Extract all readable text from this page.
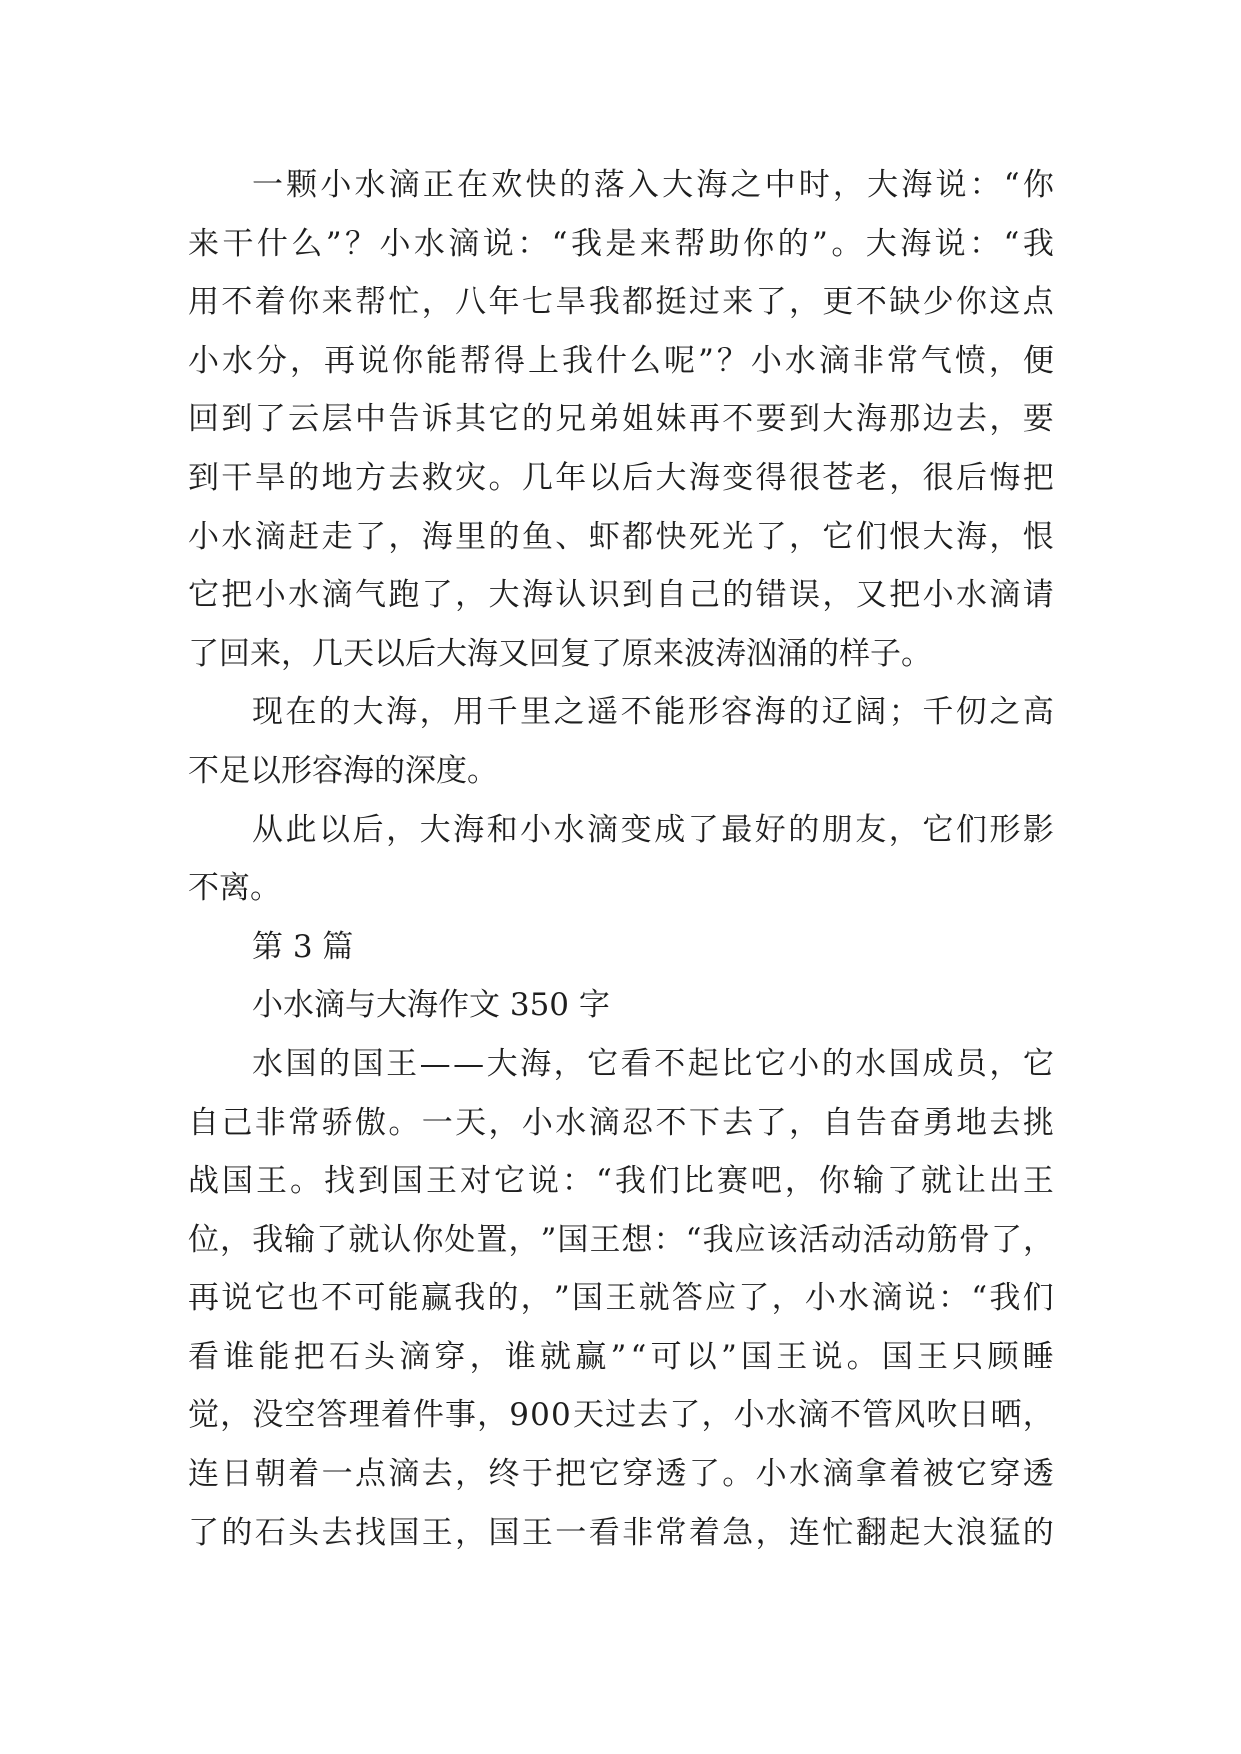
一 颗 小 水 滴 正 在 欢 快 的 落 入 大 海 之 中 时 ， 大 海 说 ： “ 你
来 干 什 么 ” ？ 小 水 滴 说 ： “ 我 是 来 帮 助 你 的 ” 。 大 海 说 ： “ 我
用 不 着 你 来 帮 忙 ， 八 年 七 旱 我 都 挺 过 来 了 ， 更 不 缺 少 你 这 点
小 水 分 ， 再 说 你 能 帮 得 上 我 什 么 呢 ” ？ 小 水 滴 非 常 气 愤 ， 便
回 到 了 云 层 中 告 诉 其 它 的 兄 弟 姐 妹 再 不 要 到 大 海 那 边 去 ， 要
到 干 旱 的 地 方 去 救 灾 。 几 年 以 后 大 海 变 得 很 苍 老 ， 很 后 悔 把
小 水 滴 赶 走 了 ， 海 里 的 鱼 、 虾 都 快 死 光 了 ， 它 们 恨 大 海 ， 恨
它 把 小 水 滴 气 跑 了 ， 大 海 认 识 到 自 己 的 错 误 ， 又 把 小 水 滴 请
了回来，几天以后大海又回复了原来波涛汹涌的样子。
现 在 的 大 海 ， 用 千 里 之 遥 不 能 形 容 海 的 辽 阔 ； 千 仞 之 高
不足以形容海的深度。
从 此 以 后 ， 大 海 和 小 水 滴 变 成 了 最 好 的 朋 友 ， 它 们 形 影
不离。
第 3 篇
小水滴与大海作文 350 字
水 国 的 国 王 — — 大 海 ， 它 看 不 起 比 它 小 的 水 国 成 员 ， 它
自 己 非 常 骄 傲 。 一 天 ， 小 水 滴 忍 不 下 去 了 ， 自 告 奋 勇 地 去 挑
战 国 王 。 找 到 国 王 对 它 说 ： “ 我 们 比 赛 吧 ， 你 输 了 就 让 出 王
位 ， 我 输 了 就 认 你 处 置 ， ” 国 王 想 ： “ 我 应 该 活 动 活 动 筋 骨 了 ，
再 说 它 也 不 可 能 赢 我 的 ， ” 国 王 就 答 应 了 ， 小 水 滴 说 ： “ 我 们
看 谁 能 把 石 头 滴 穿 ， 谁 就 赢 ” “ 可 以 ” 国 王 说 。 国 王 只 顾 睡
觉 ， 没 空 答 理 着 件 事 ， 9 0 0 天 过 去 了 ， 小 水 滴 不 管 风 吹 日 晒 ，
连 日 朝 着 一 点 滴 去 ， 终 于 把 它 穿 透 了 。 小 水 滴 拿 着 被 它 穿 透
了 的 石 头 去 找 国 王 ， 国 王 一 看 非 常 着 急 ， 连 忙 翻 起 大 浪 猛 的
